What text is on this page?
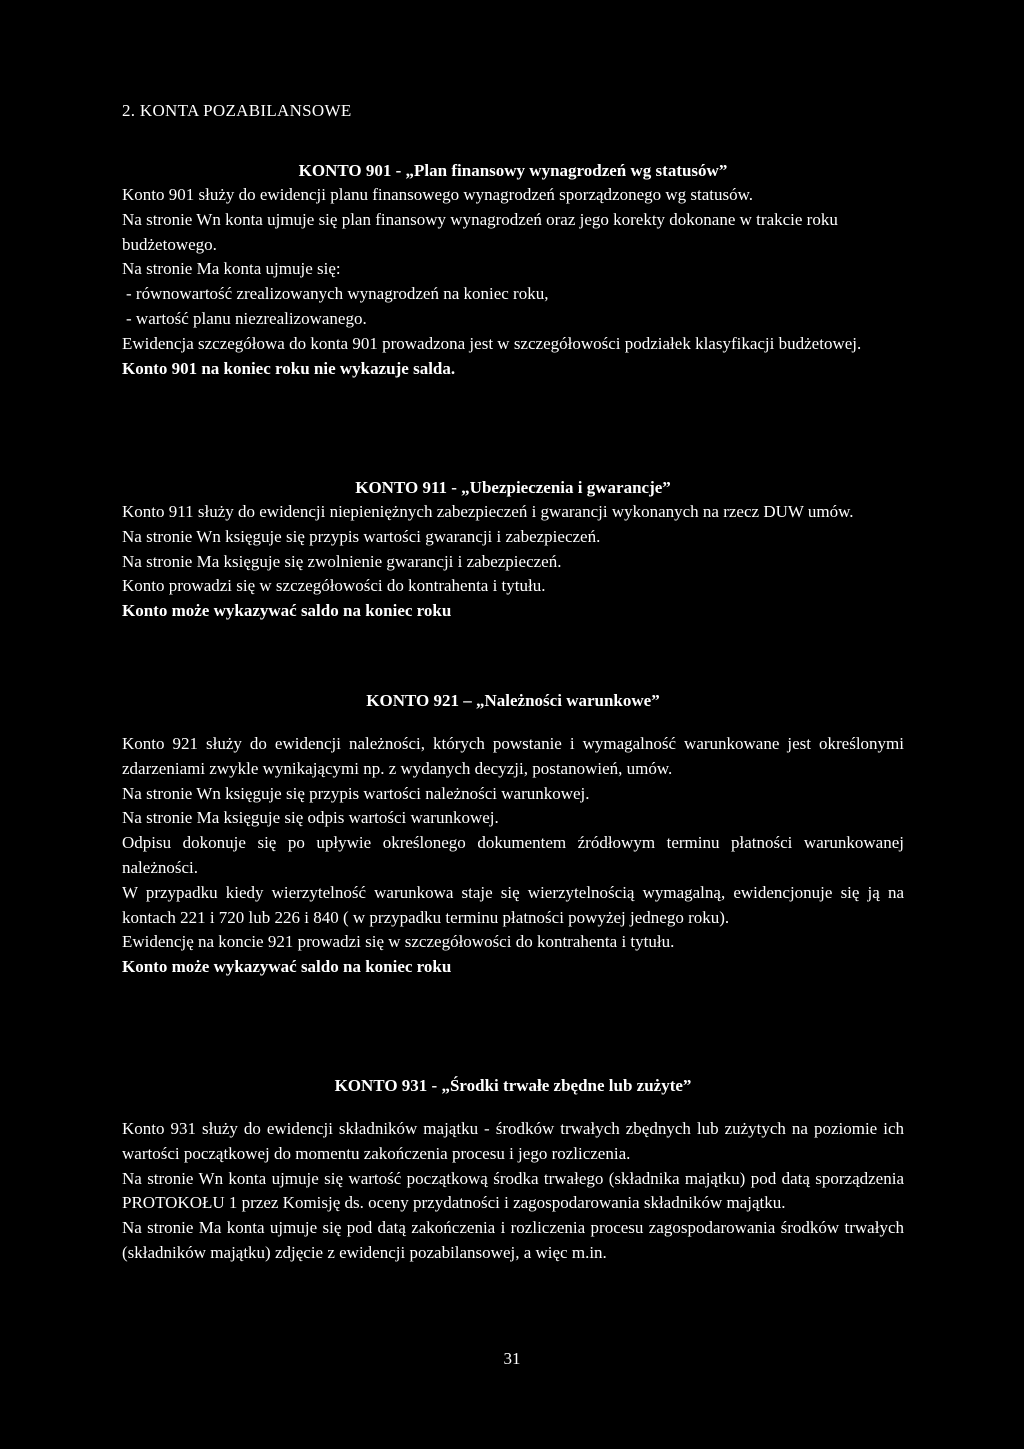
2. KONTA POZABILANSOWE

KONTO 901 - „Plan finansowy wynagrodzeń wg statusów”

Konto 901 służy do ewidencji planu finansowego wynagrodzeń sporządzonego wg statusów.

Na stronie Wn konta ujmuje się plan finansowy wynagrodzeń oraz jego korekty dokonane w trakcie roku budżetowego.

Na stronie Ma konta ujmuje się:

- równowartość zrealizowanych wynagrodzeń na koniec roku,

- wartość planu niezrealizowanego.

Ewidencja szczegółowa do konta 901 prowadzona jest w szczegółowości podziałek klasyfikacji budżetowej.

Konto 901 na koniec roku nie wykazuje salda.

KONTO 911 - „Ubezpieczenia i gwarancje”

Konto 911 służy do ewidencji niepieniężnych zabezpieczeń i gwarancji wykonanych na rzecz DUW umów.

Na stronie Wn księguje się przypis wartości gwarancji i zabezpieczeń.

Na stronie Ma księguje się zwolnienie gwarancji i zabezpieczeń.

Konto prowadzi się w szczegółowości do kontrahenta i tytułu.

Konto może wykazywać saldo na koniec roku

KONTO 921 – „Należności warunkowe”

Konto 921 służy do ewidencji należności, których powstanie i wymagalność warunkowane jest określonymi zdarzeniami zwykle wynikającymi np. z wydanych decyzji, postanowień, umów.

Na stronie Wn księguje się przypis wartości należności warunkowej.

Na stronie Ma księguje się odpis wartości warunkowej.

Odpisu dokonuje się po upływie określonego dokumentem źródłowym terminu płatności warunkowanej należności.

W przypadku kiedy wierzytelność warunkowa staje się wierzytelnością wymagalną, ewidencjonuje się ją na kontach 221 i 720 lub 226 i 840 ( w przypadku terminu płatności powyżej jednego roku).

Ewidencję na koncie 921 prowadzi się w szczegółowości do kontrahenta i tytułu.

Konto może wykazywać saldo na koniec roku

KONTO 931 - „Środki trwałe zbędne lub zużyte”

Konto 931 służy do ewidencji składników majątku - środków trwałych zbędnych lub zużytych na poziomie ich wartości początkowej do momentu zakończenia procesu i jego rozliczenia.

Na stronie Wn konta ujmuje się wartość początkową środka trwałego (składnika majątku) pod datą sporządzenia PROTOKOŁU 1 przez Komisję ds. oceny przydatności i zagospodarowania składników majątku.

Na stronie Ma konta ujmuje się pod datą zakończenia i rozliczenia procesu zagospodarowania środków trwałych (składników majątku) zdjęcie z ewidencji pozabilansowej, a więc m.in.

31
